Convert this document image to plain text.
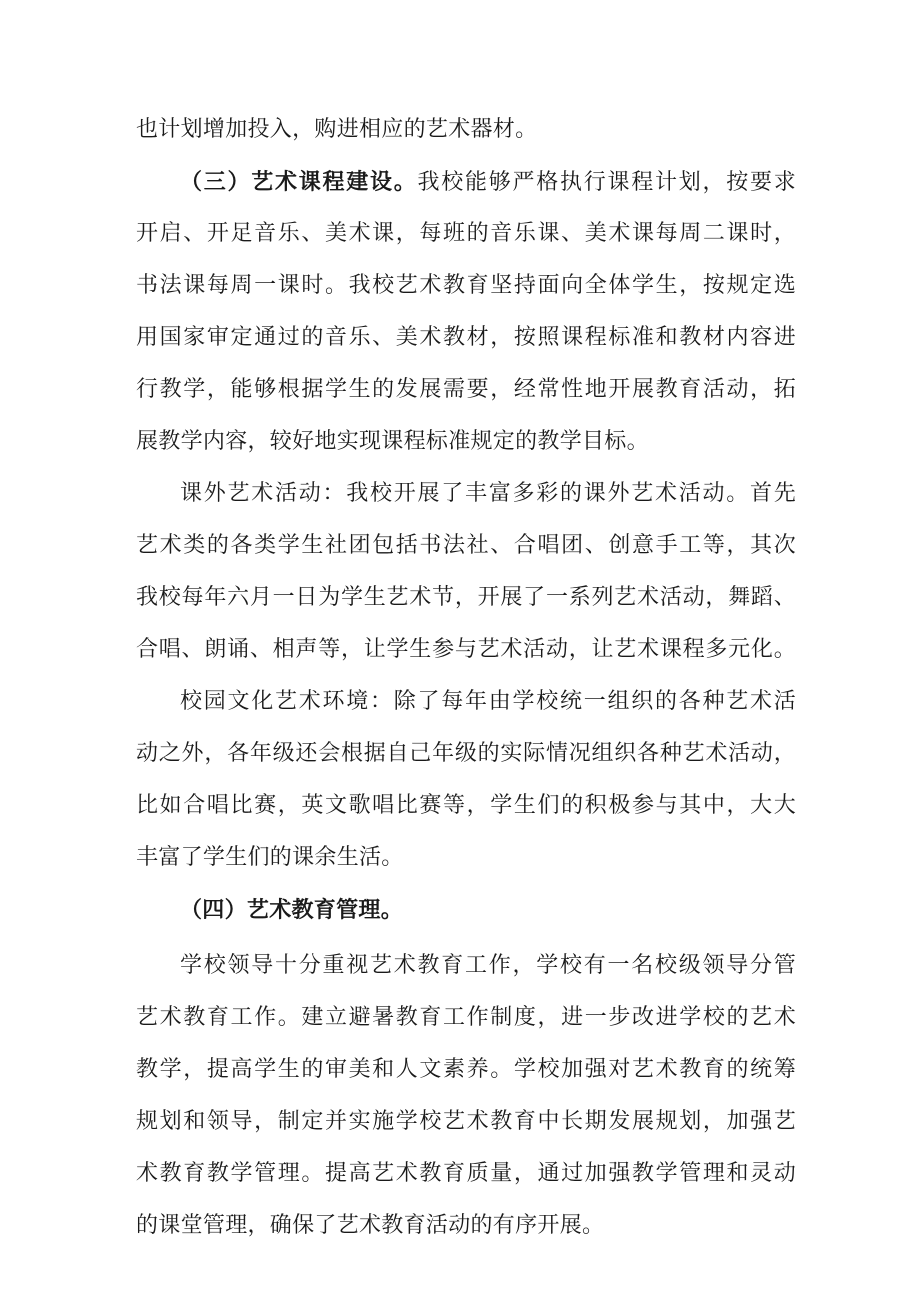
也计划增加投入，购进相应的艺术器材。
（三）艺术课程建设。我校能够严格执行课程计划，按要求
开启、开足音乐、美术课，每班的音乐课、美术课每周二课时，
书法课每周一课时。我校艺术教育坚持面向全体学生，按规定选
用国家审定通过的音乐、美术教材，按照课程标准和教材内容进
行教学，能够根据学生的发展需要，经常性地开展教育活动，拓
展教学内容，较好地实现课程标准规定的教学目标。
课外艺术活动：我校开展了丰富多彩的课外艺术活动。首先
艺术类的各类学生社团包括书法社、合唱团、创意手工等，其次
我校每年六月一日为学生艺术节，开展了一系列艺术活动，舞蹈、
合唱、朗诵、相声等，让学生参与艺术活动，让艺术课程多元化。
校园文化艺术环境：除了每年由学校统一组织的各种艺术活
动之外，各年级还会根据自己年级的实际情况组织各种艺术活动，
比如合唱比赛，英文歌唱比赛等，学生们的积极参与其中，大大
丰富了学生们的课余生活。
（四）艺术教育管理。
学校领导十分重视艺术教育工作，学校有一名校级领导分管
艺术教育工作。建立避暑教育工作制度，进一步改进学校的艺术
教学，提高学生的审美和人文素养。学校加强对艺术教育的统筹
规划和领导，制定并实施学校艺术教育中长期发展规划，加强艺
术教育教学管理。提高艺术教育质量，通过加强教学管理和灵动
的课堂管理，确保了艺术教育活动的有序开展。
